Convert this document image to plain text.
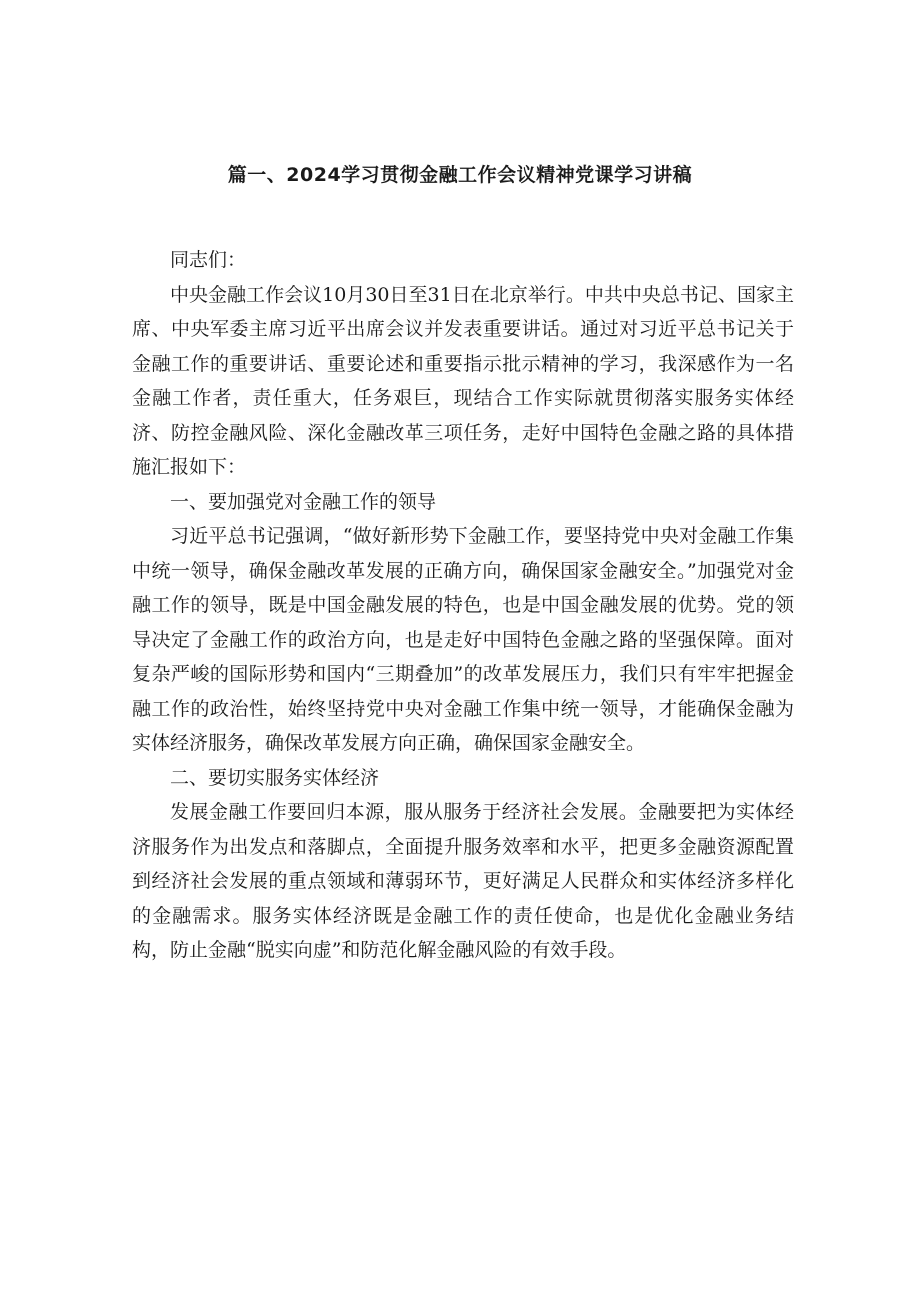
篇一、2024学习贯彻金融工作会议精神党课学习讲稿

同志们：

中央金融工作会议10月30日至31日在北京举行。中共中央总书记、国家主席、中央军委主席习近平出席会议并发表重要讲话。通过对习近平总书记关于金融工作的重要讲话、重要论述和重要指示批示精神的学习，我深感作为一名金融工作者，责任重大，任务艰巨，现结合工作实际就贯彻落实服务实体经济、防控金融风险、深化金融改革三项任务，走好中国特色金融之路的具体措施汇报如下：

一、要加强党对金融工作的领导

习近平总书记强调，“做好新形势下金融工作，要坚持党中央对金融工作集中统一领导，确保金融改革发展的正确方向，确保国家金融安全。”加强党对金融工作的领导，既是中国金融发展的特色，也是中国金融发展的优势。党的领导决定了金融工作的政治方向，也是走好中国特色金融之路的坚强保障。面对复杂严峻的国际形势和国内“三期叠加”的改革发展压力，我们只有牢牢把握金融工作的政治性，始终坚持党中央对金融工作集中统一领导，才能确保金融为实体经济服务，确保改革发展方向正确，确保国家金融安全。

二、要切实服务实体经济

发展金融工作要回归本源，服从服务于经济社会发展。金融要把为实体经济服务作为出发点和落脚点，全面提升服务效率和水平，把更多金融资源配置到经济社会发展的重点领域和薄弱环节，更好满足人民群众和实体经济多样化的金融需求。服务实体经济既是金融工作的责任使命，也是优化金融业务结构，防止金融“脱实向虚”和防范化解金融风险的有效手段。
